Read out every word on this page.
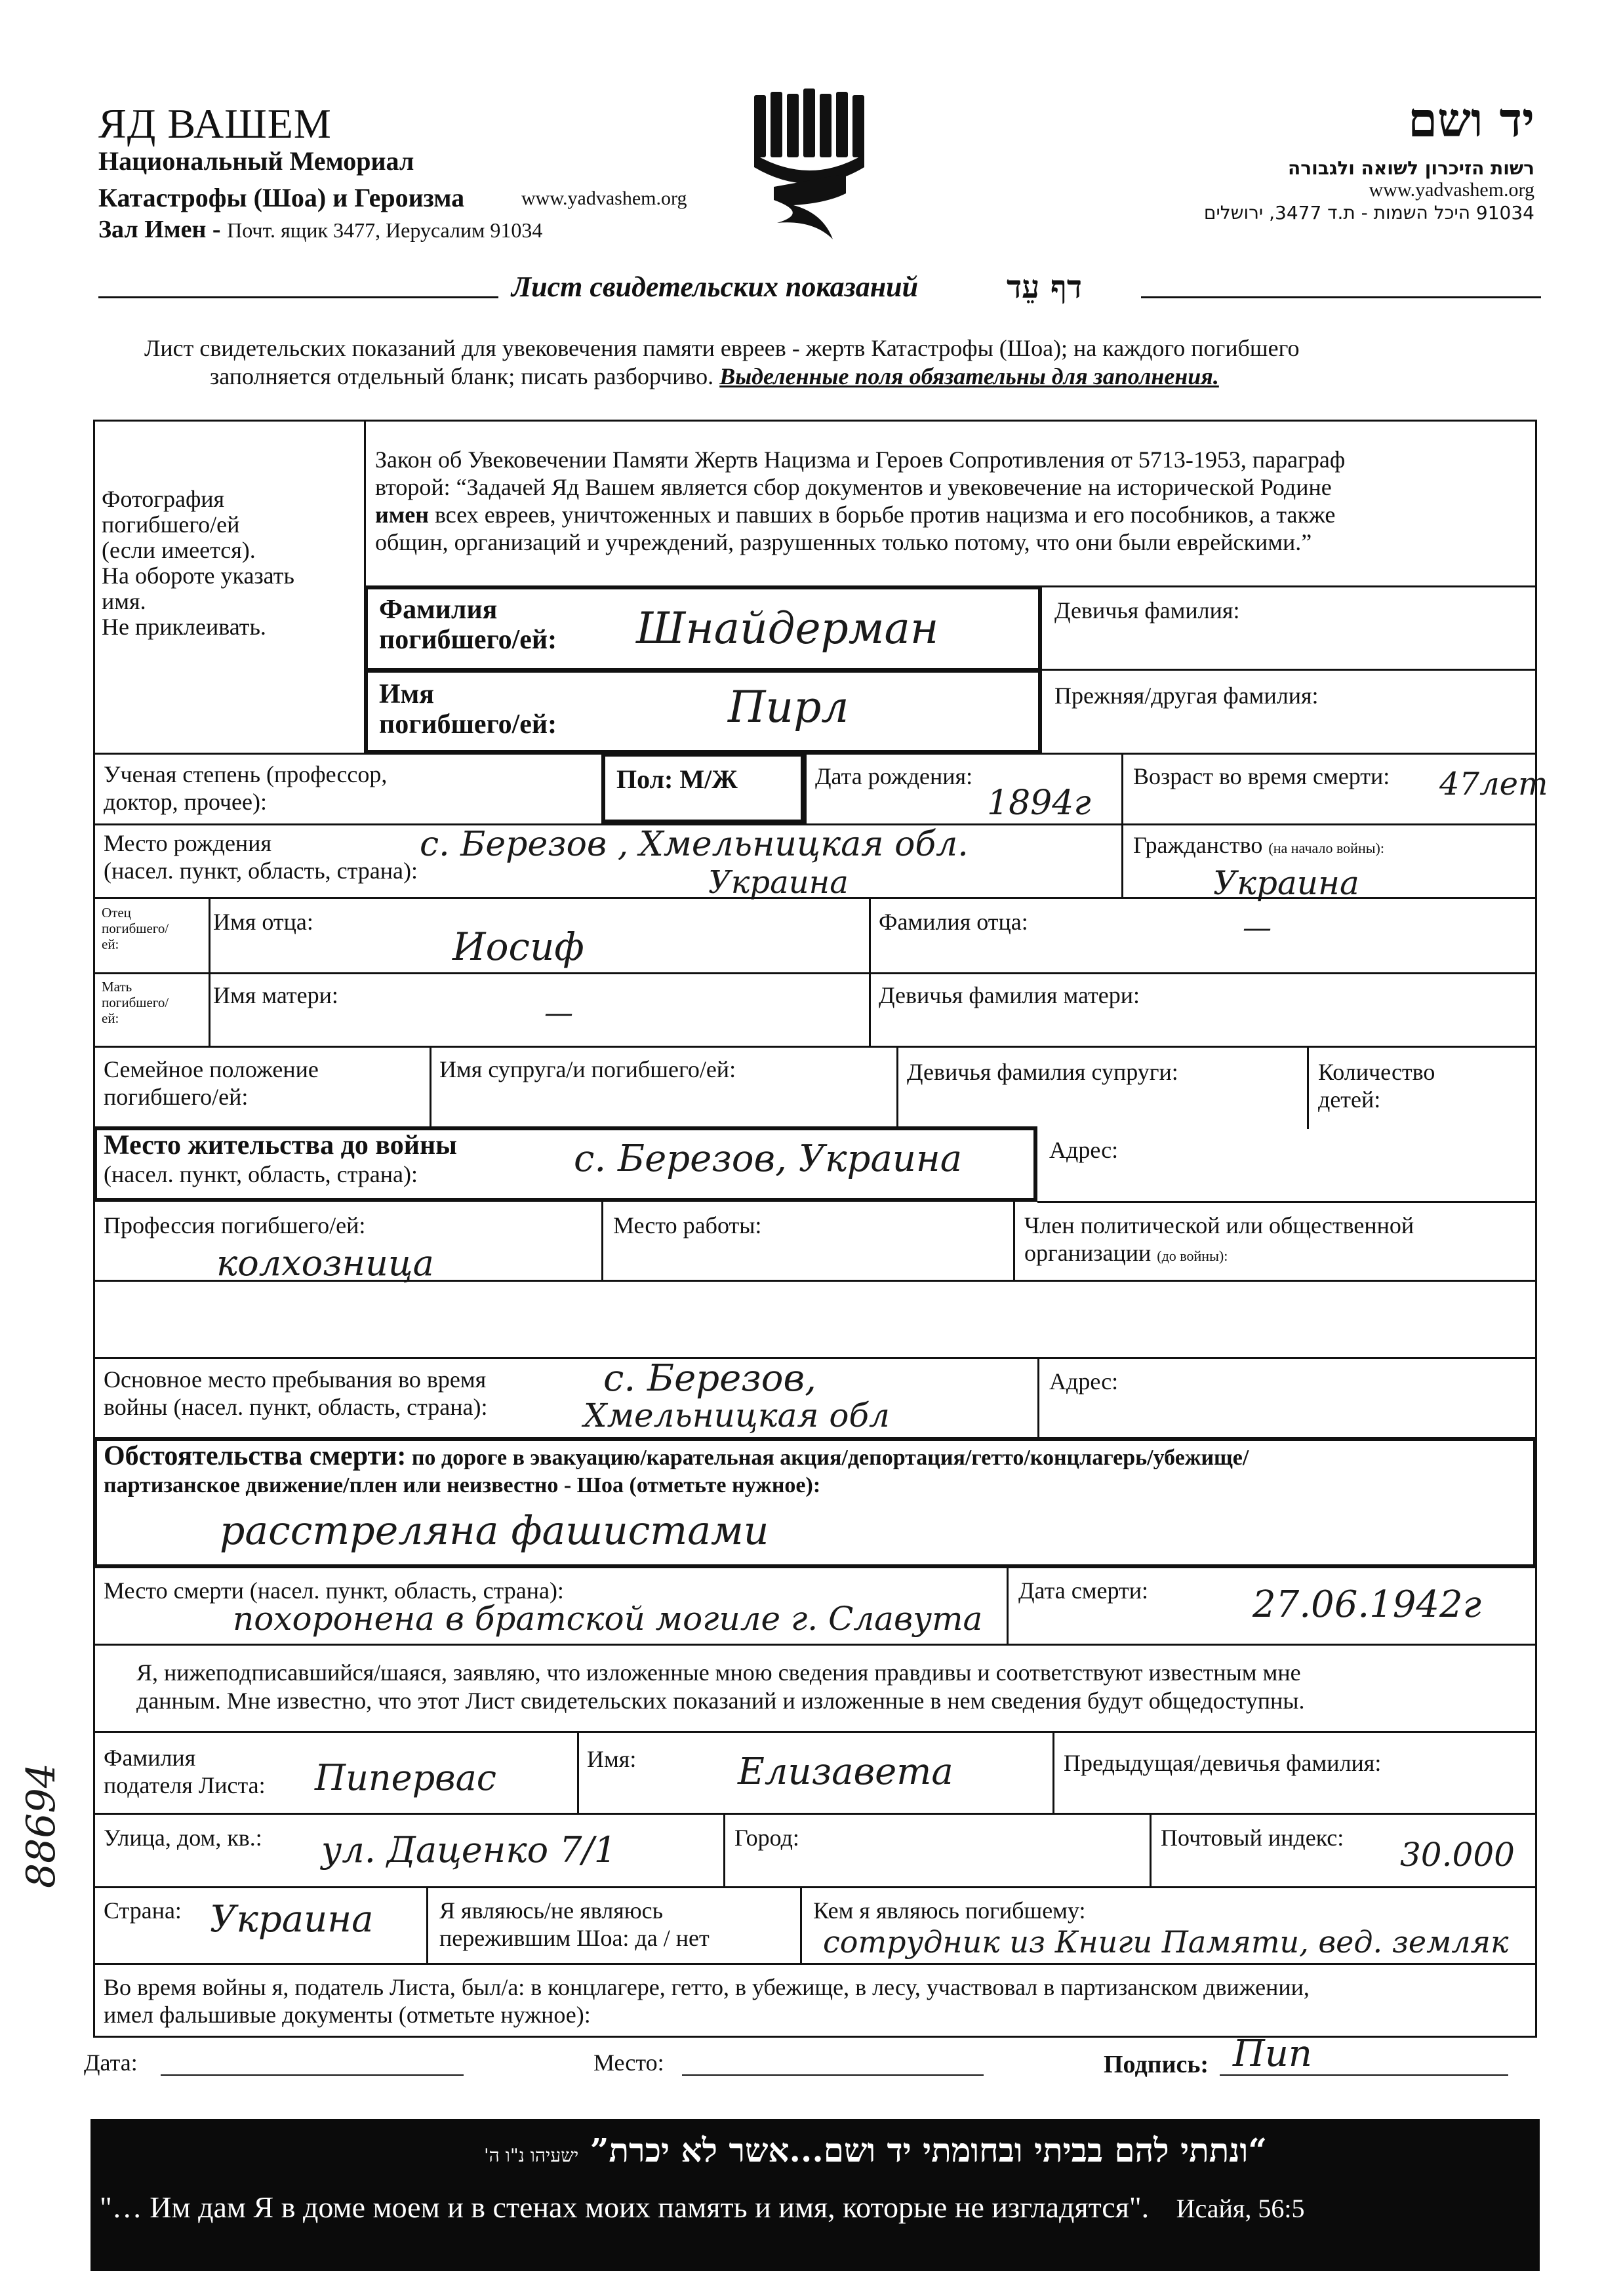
ЯД ВАШЕМ
Национальный Мемориал
Катастрофы (Шоа) и Героизма	www.yadvashem.org
Зал Имен - Почт. ящик 3477, Иерусалим 91034
יד ושם
רשות הזיכרון לשואה ולגבורה
www.yadvashem.org
91034 היכל השמות - ת.ד 3477, ירושלים
Лист свидетельских показаний	דף עֵד
Лист свидетельских показаний для увековечения памяти евреев - жертв Катастрофы (Шоа); на каждого погибшего
заполняется отдельный бланк; писать разборчиво. Выделенные поля обязательны для заполнения.
Фотография
погибшего/ей
(если имеется).
На обороте указать
имя.
Не приклеивать.
Закон об Увековечении Памяти Жертв Нацизма и Героев Сопротивления от 5713-1953, параграф
второй: “Задачей Яд Вашем является сбор документов и увековечение на исторической Родине
имен всех евреев, уничтоженных и павших в борьбе против нацизма и его пособников, а также
общин, организаций и учреждений, разрушенных только потому, что они были еврейскими.”
Фамилия
погибшего/ей: Шнайдерман	Девичья фамилия:
Имя
погибшего/ей:	Пирл	Прежняя/другая фамилия:
Ученая степень (профессор,
доктор, прочее):
Пол: М/Ж	Дата рождения:
1894г
Возраст во время смерти: 47лет
Место рождения
(насел. пункт, область, страна):
с. Березов , Хмельницкая обл.
Украина
Гражданство (на начало войны):
Украина
Отец
погибшего/
ей:
Имя отца:
Иосиф
Фамилия отца:	—
Мать
погибшего/
ей:
Имя матери:
—
Девичья фамилия матери:
Семейное положение
погибшего/ей:
Имя супруга/и погибшего/ей:	Девичья фамилия супруги:	Количество
детей:
Место жительства до войны
(насел. пункт, область, страна):	с. Березов, Украина	Адрес:
Профессия погибшего/ей:
колхозница
Место работы:	Член политической или общественной
организации (до войны):
Основное место пребывания во время
войны (насел. пункт, область, страна):
с. Березов,
Хмельницкая обл
Адрес:
Обстоятельства смерти: по дороге в эвакуацию/карательная акция/депортация/гетто/концлагерь/убежище/
партизанское движение/плен или неизвестно - Шоа (отметьте нужное):
расстреляна фашистами
Место смерти (насел. пункт, область, страна):
похоронена в братской могиле г. Славута
Дата смерти:	27.06.1942г
Я, нижеподписавшийся/шаяся, заявляю, что изложенные мною сведения правдивы и соответствуют известным мне
данным. Мне известно, что этот Лист свидетельских показаний и изложенные в нем сведения будут общедоступны.
Фамилия
подателя Листа: Пипервас	Имя:	Елизавета	Предыдущая/девичья фамилия:
Улица, дом, кв.: ул. Даценко 7/1	Город:	Почтовый индекс: 30.000
Страна: Украина	Я являюсь/не являюсь
пережившим Шоа: да / нет
Кем я являюсь погибшему:
сотрудник из Книги Памяти, вед. земляк
Во время войны я, податель Листа, был/а: в концлагере, гетто, в убежище, в лесу, участвовал в партизанском движении,
имел фальшивые документы (отметьте нужное):
88694
Дата:	Место:	Подпись: Пип
“ונתתי להם בביתי ובחומתי יד ושם...אשר לא יכרת” ישעיהו נ"ו ה'
"… Им дам Я в доме моем и в стенах моих память и имя, которые не изгладятся". Исайя, 56:5
